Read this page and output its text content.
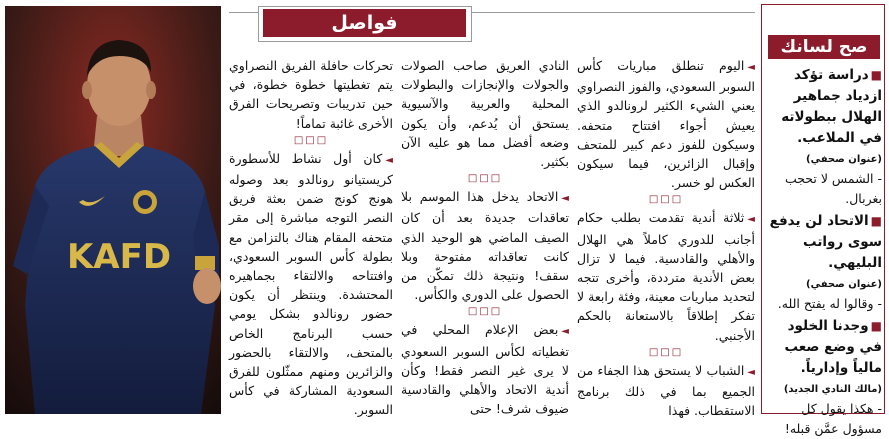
صح لسانك

■دراسة تؤكد ازدياد جماهير الهلال ببطولاته في الملاعب.

(عنوان صحفي)

- الشمس لا تحجب بغربال.

■الاتحاد لن يدفع سوى رواتب البليهي.

(عنوان صحفي)

- وقالوا له يفتح الله.

■وجدنا الخلود في وضع صعب مالياً وإدارياً.

(مالك النادي الجديد)

- هكذا يقول كل مسؤول عمَّن قبله!

فواصل
KAFD

◄اليوم تنطلق مباريات كأس السوبر السعودي، والفوز النصراوي يعني الشيء الكثير لرونالدو الذي يعيش أجواء افتتاح متحفه. وسيكون للفوز دعم كبير للمتحف وإقبال الزائرين، فيما سيكون العكس لو خسر.

□□□

◄ثلاثة أندية تقدمت بطلب حكام أجانب للدوري كاملاً هي الهلال والأهلي والقادسية. فيما لا تزال بعض الأندية مترددة، وأخرى تتجه لتحديد مباريات معينة، وفئة رابعة لا تفكر إطلاقاً بالاستعانة بالحكم الأجنبي.

□□□

◄الشباب لا يستحق هذا الجفاء من الجميع بما في ذلك برنامج الاستقطاب. فهذا

النادي العريق صاحب الصولات والجولات والإنجازات والبطولات المحلية والعربية والآسيوية يستحق أن يُدعم، وأن يكون وضعه أفضل مما هو عليه الآن بكثير.

□□□

◄الاتحاد يدخل هذا الموسم بلا تعاقدات جديدة بعد أن كان الصيف الماضي هو الوحيد الذي كانت تعاقداته مفتوحة وبلا سقف! ونتيجة ذلك تمكّن من الحصول على الدوري والكأس.

□□□

◄بعض الإعلام المحلي في تغطياته لكأس السوبر السعودي لا يرى غير النصر فقط! وكأن أندية الاتحاد والأهلي والقادسية ضيوف شرف! حتى

تحركات حافلة الفريق النصراوي يتم تغطيتها خطوة خطوة، في حين تدريبات وتصريحات الفرق الأخرى غائبة تماماً!

□□□

◄كان أول نشاط للأسطورة كريستيانو رونالدو بعد وصوله هونج كونج ضمن بعثة فريق النصر التوجه مباشرة إلى مقر متحفه المقام هناك بالتزامن مع بطولة كأس السوبر السعودي، وافتتاحه والالتقاء بجماهيره المحتشدة. وينتظر أن يكون حضور رونالدو بشكل يومي حسب البرنامج الخاص بالمتحف، والالتقاء بالحضور والزائرين ومنهم ممثّلون للفرق السعودية المشاركة في كأس السوبر.
